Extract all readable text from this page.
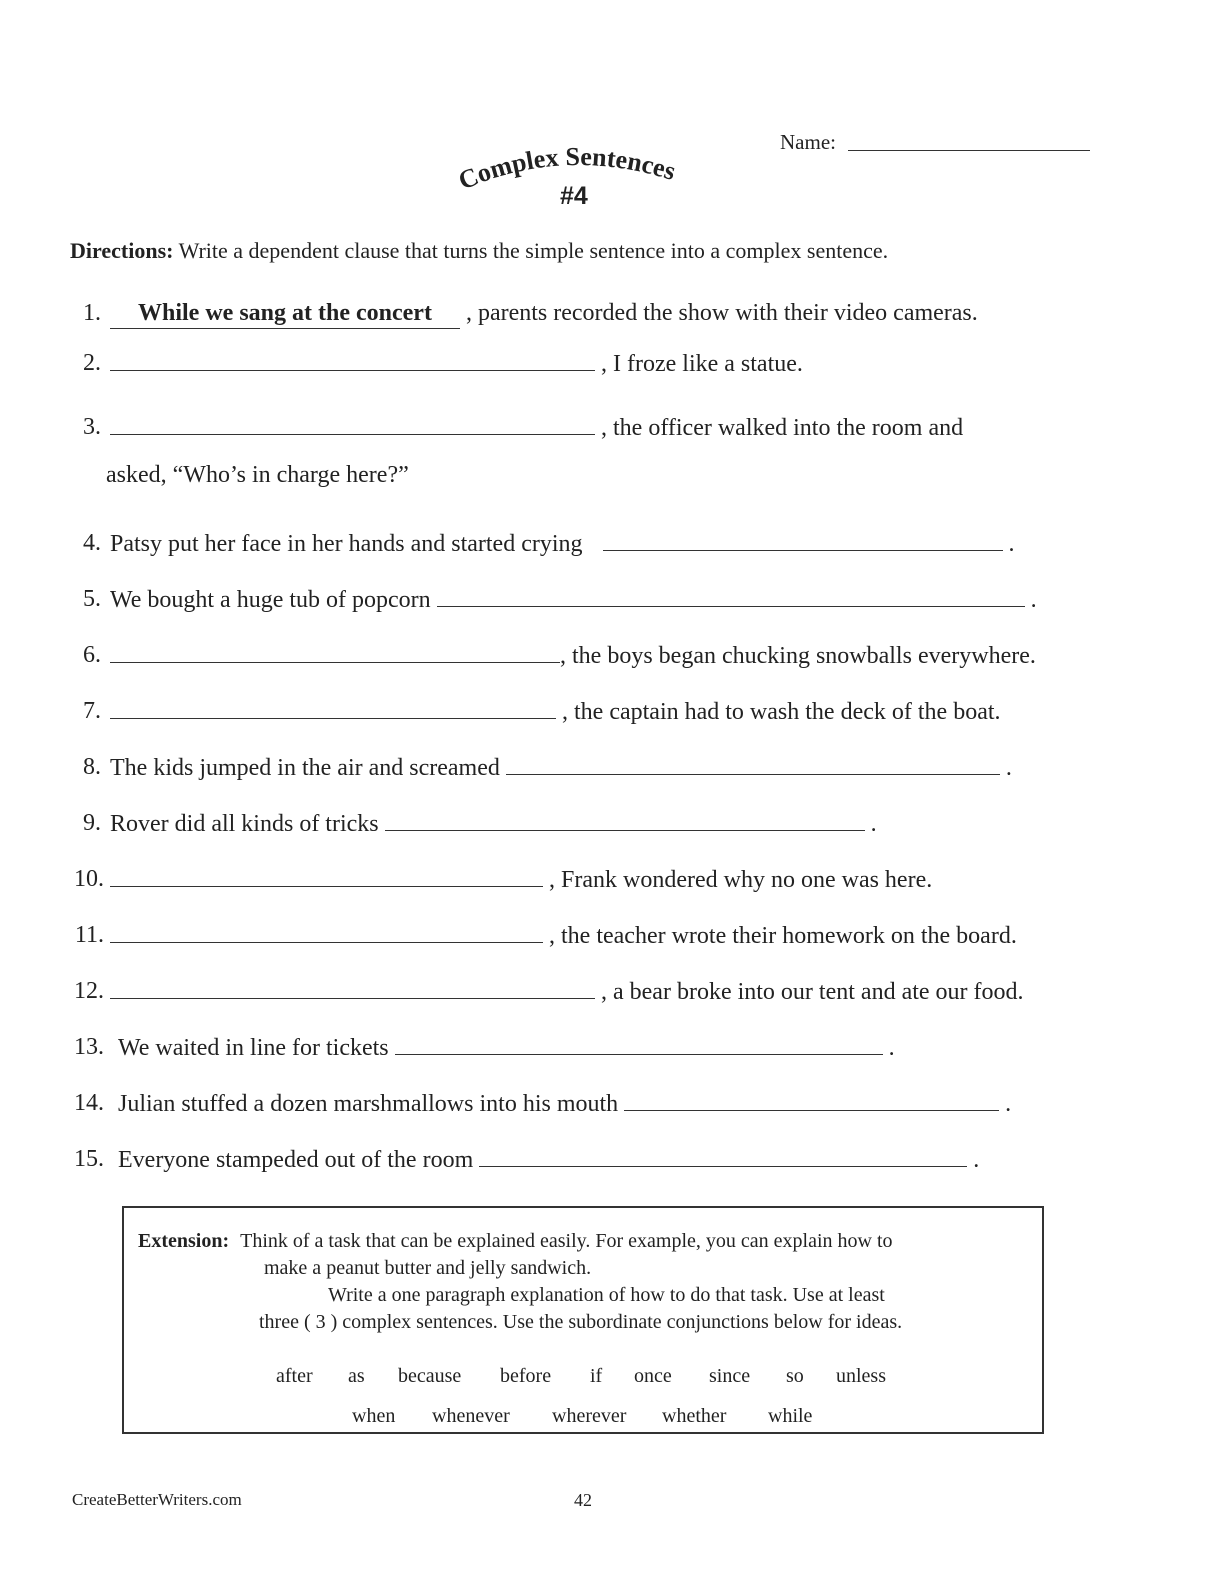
Name:
Complex Sentences
#4
Directions: Write a dependent clause that turns the simple sentence into a complex sentence.
1.	While we sang at the concert , parents recorded the show with their video cameras.
2.	, I froze like a statue.
3.	, the officer walked into the room and
asked, “Who’s in charge here?”
4. Patsy put her face in her hands and started crying	.
5. We bought a huge tub of popcorn	.
6.	, the boys began chucking snowballs everywhere.
7.	, the captain had to wash the deck of the boat.
8. The kids jumped in the air and screamed	.
9. Rover did all kinds of tricks	.
10.	, Frank wondered why no one was here.
11.	, the teacher wrote their homework on the board.
12.	, a bear broke into our tent and ate our food.
13. We waited in line for tickets	.
14. Julian stuffed a dozen marshmallows into his mouth	.
15. Everyone stampeded out of the room	.
Extension: Think of a task that can be explained easily. For example, you can explain how to
make a peanut butter and jelly sandwich.
Write a one paragraph explanation of how to do that task. Use at least
three ( 3 ) complex sentences. Use the subordinate conjunctions below for ideas.
after as because before if once since so unless
when whenever wherever whether while
CreateBetterWriters.com	42
